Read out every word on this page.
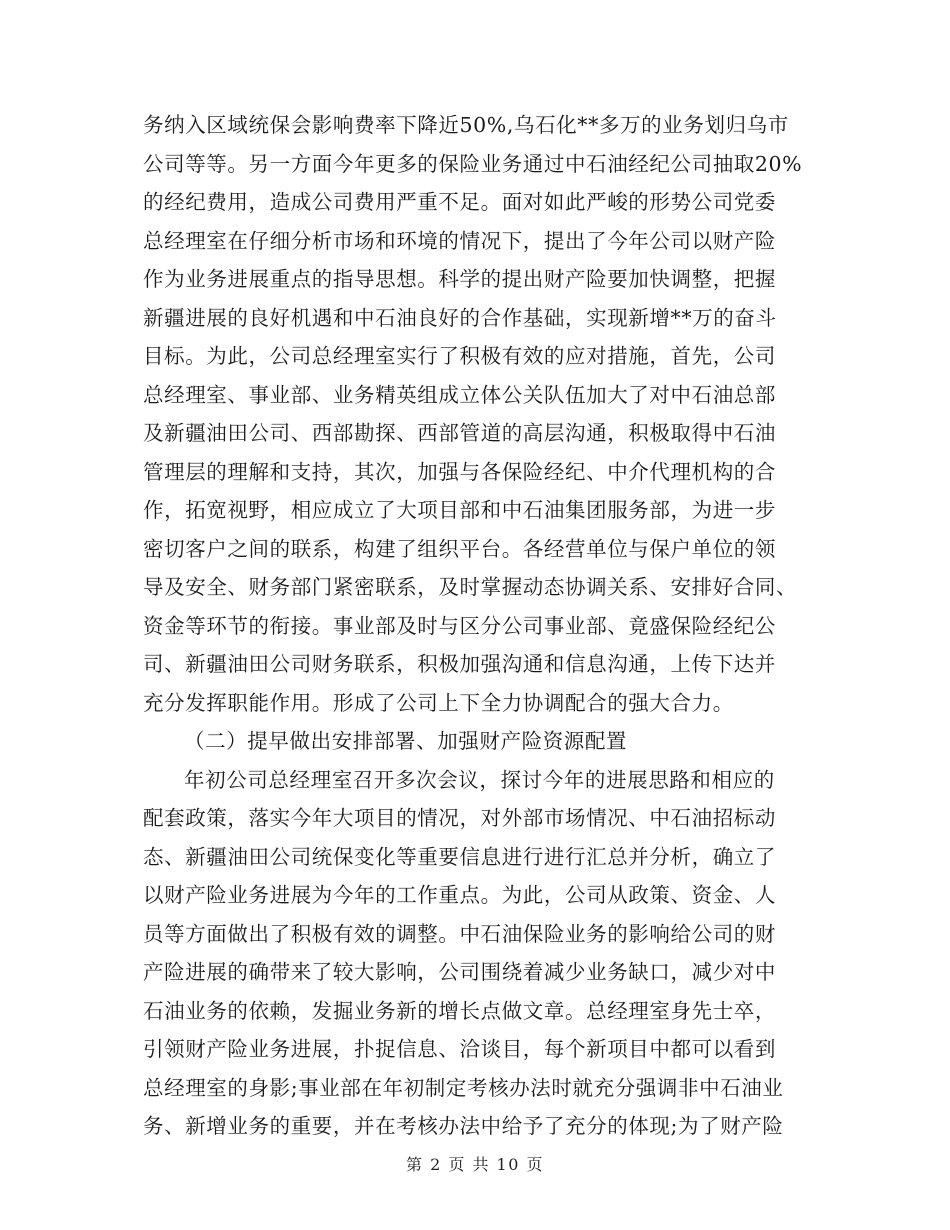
务纳入区域统保会影响费率下降近50%,乌石化**多万的业务划归乌市
公司等等。另一方面今年更多的保险业务通过中石油经纪公司抽取20%
的经纪费用，造成公司费用严重不足。面对如此严峻的形势公司党委
总经理室在仔细分析市场和环境的情况下，提出了今年公司以财产险
作为业务进展重点的指导思想。科学的提出财产险要加快调整，把握
新疆进展的良好机遇和中石油良好的合作基础，实现新增**万的奋斗
目标。为此，公司总经理室实行了积极有效的应对措施，首先，公司
总经理室、事业部、业务精英组成立体公关队伍加大了对中石油总部
及新疆油田公司、西部勘探、西部管道的高层沟通，积极取得中石油
管理层的理解和支持，其次，加强与各保险经纪、中介代理机构的合
作，拓宽视野，相应成立了大项目部和中石油集团服务部，为进一步
密切客户之间的联系，构建了组织平台。各经营单位与保户单位的领
导及安全、财务部门紧密联系，及时掌握动态协调关系、安排好合同、
资金等环节的衔接。事业部及时与区分公司事业部、竟盛保险经纪公
司、新疆油田公司财务联系，积极加强沟通和信息沟通，上传下达并
充分发挥职能作用。形成了公司上下全力协调配合的强大合力。
（二）提早做出安排部署、加强财产险资源配置
年初公司总经理室召开多次会议，探讨今年的进展思路和相应的
配套政策，落实今年大项目的情况，对外部市场情况、中石油招标动
态、新疆油田公司统保变化等重要信息进行进行汇总并分析，确立了
以财产险业务进展为今年的工作重点。为此，公司从政策、资金、人
员等方面做出了积极有效的调整。中石油保险业务的影响给公司的财
产险进展的确带来了较大影响，公司围绕着减少业务缺口，减少对中
石油业务的依赖，发掘业务新的增长点做文章。总经理室身先士卒，
引领财产险业务进展，扑捉信息、洽谈目，每个新项目中都可以看到
总经理室的身影;事业部在年初制定考核办法时就充分强调非中石油业
务、新增业务的重要，并在考核办法中给予了充分的体现;为了财产险
第 2 页 共 10 页
